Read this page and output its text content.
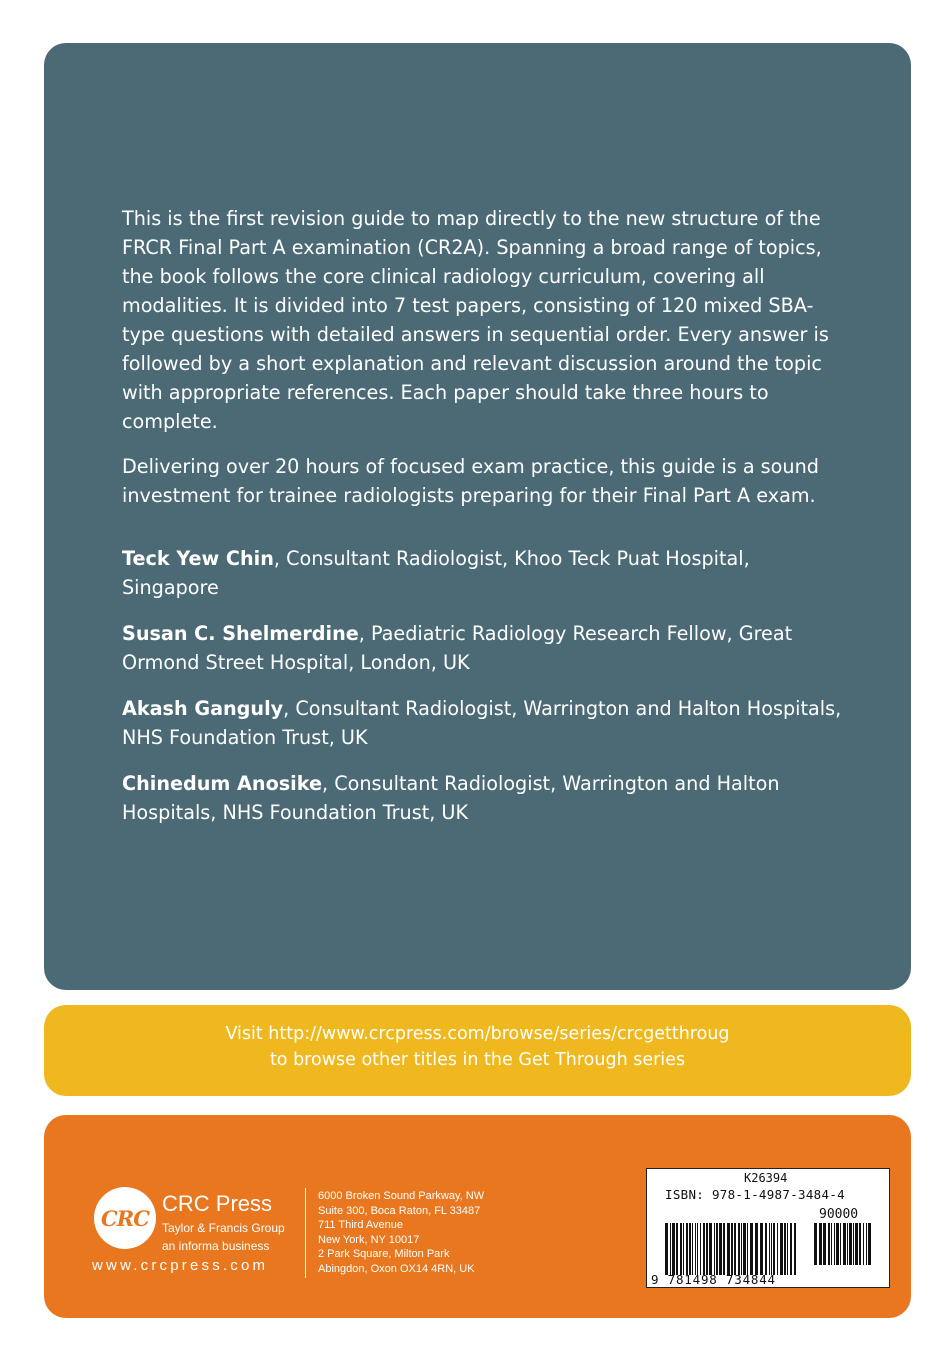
This is the first revision guide to map directly to the new structure of the FRCR Final Part A examination (CR2A). Spanning a broad range of topics, the book follows the core clinical radiology curriculum, covering all modalities. It is divided into 7 test papers, consisting of 120 mixed SBA-type questions with detailed answers in sequential order. Every answer is followed by a short explanation and relevant discussion around the topic with appropriate references. Each paper should take three hours to complete.

Delivering over 20 hours of focused exam practice, this guide is a sound investment for trainee radiologists preparing for their Final Part A exam.

Teck Yew Chin, Consultant Radiologist, Khoo Teck Puat Hospital, Singapore

Susan C. Shelmerdine, Paediatric Radiology Research Fellow, Great Ormond Street Hospital, London, UK

Akash Ganguly, Consultant Radiologist, Warrington and Halton Hospitals, NHS Foundation Trust, UK

Chinedum Anosike, Consultant Radiologist, Warrington and Halton Hospitals, NHS Foundation Trust, UK

Visit http://www.crcpress.com/browse/series/crcgetthroug
to browse other titles in the Get Through series
CRC
CRC Press
Taylor & Francis Group
an informa business
www.crcpress.com
6000 Broken Sound Parkway, NW
Suite 300, Boca Raton, FL 33487
711 Third Avenue
New York, NY 10017
2 Park Square, Milton Park
Abingdon, Oxon OX14 4RN, UK
K26394
ISBN: 978-1-4987-3484-4
90000
9 781498 734844
